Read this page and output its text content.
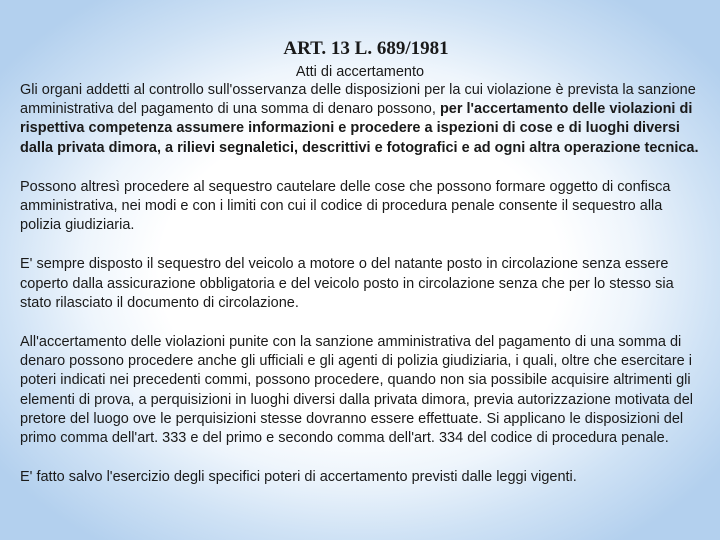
ART. 13 L. 689/1981
Atti di accertamento

Gli organi addetti al controllo sull'osservanza delle disposizioni per la cui violazione è prevista la sanzione amministrativa del pagamento di una somma di denaro possono, per l'accertamento delle violazioni di rispettiva competenza assumere informazioni e procedere a ispezioni di cose e di luoghi diversi dalla privata dimora, a rilievi segnaletici, descrittivi e fotografici e ad ogni altra operazione tecnica.

Possono altresì procedere al sequestro cautelare delle cose che possono formare oggetto di confisca amministrativa, nei modi e con i limiti con cui il codice di procedura penale consente il sequestro alla polizia giudiziaria.

E' sempre disposto il sequestro del veicolo a motore o del natante posto in circolazione senza essere coperto dalla assicurazione obbligatoria e del veicolo posto in circolazione senza che per lo stesso sia stato rilasciato il documento di circolazione.

All'accertamento delle violazioni punite con la sanzione amministrativa del pagamento di una somma di denaro possono procedere anche gli ufficiali e gli agenti di polizia giudiziaria, i quali, oltre che esercitare i poteri indicati nei precedenti commi, possono procedere, quando non sia possibile acquisire altrimenti gli elementi di prova, a perquisizioni in luoghi diversi dalla privata dimora, previa autorizzazione motivata del pretore del luogo ove le perquisizioni stesse dovranno essere effettuate. Si applicano le disposizioni del primo comma dell'art. 333 e del primo e secondo comma dell'art. 334 del codice di procedura penale.

E' fatto salvo l'esercizio degli specifici poteri di accertamento previsti dalle leggi vigenti.
